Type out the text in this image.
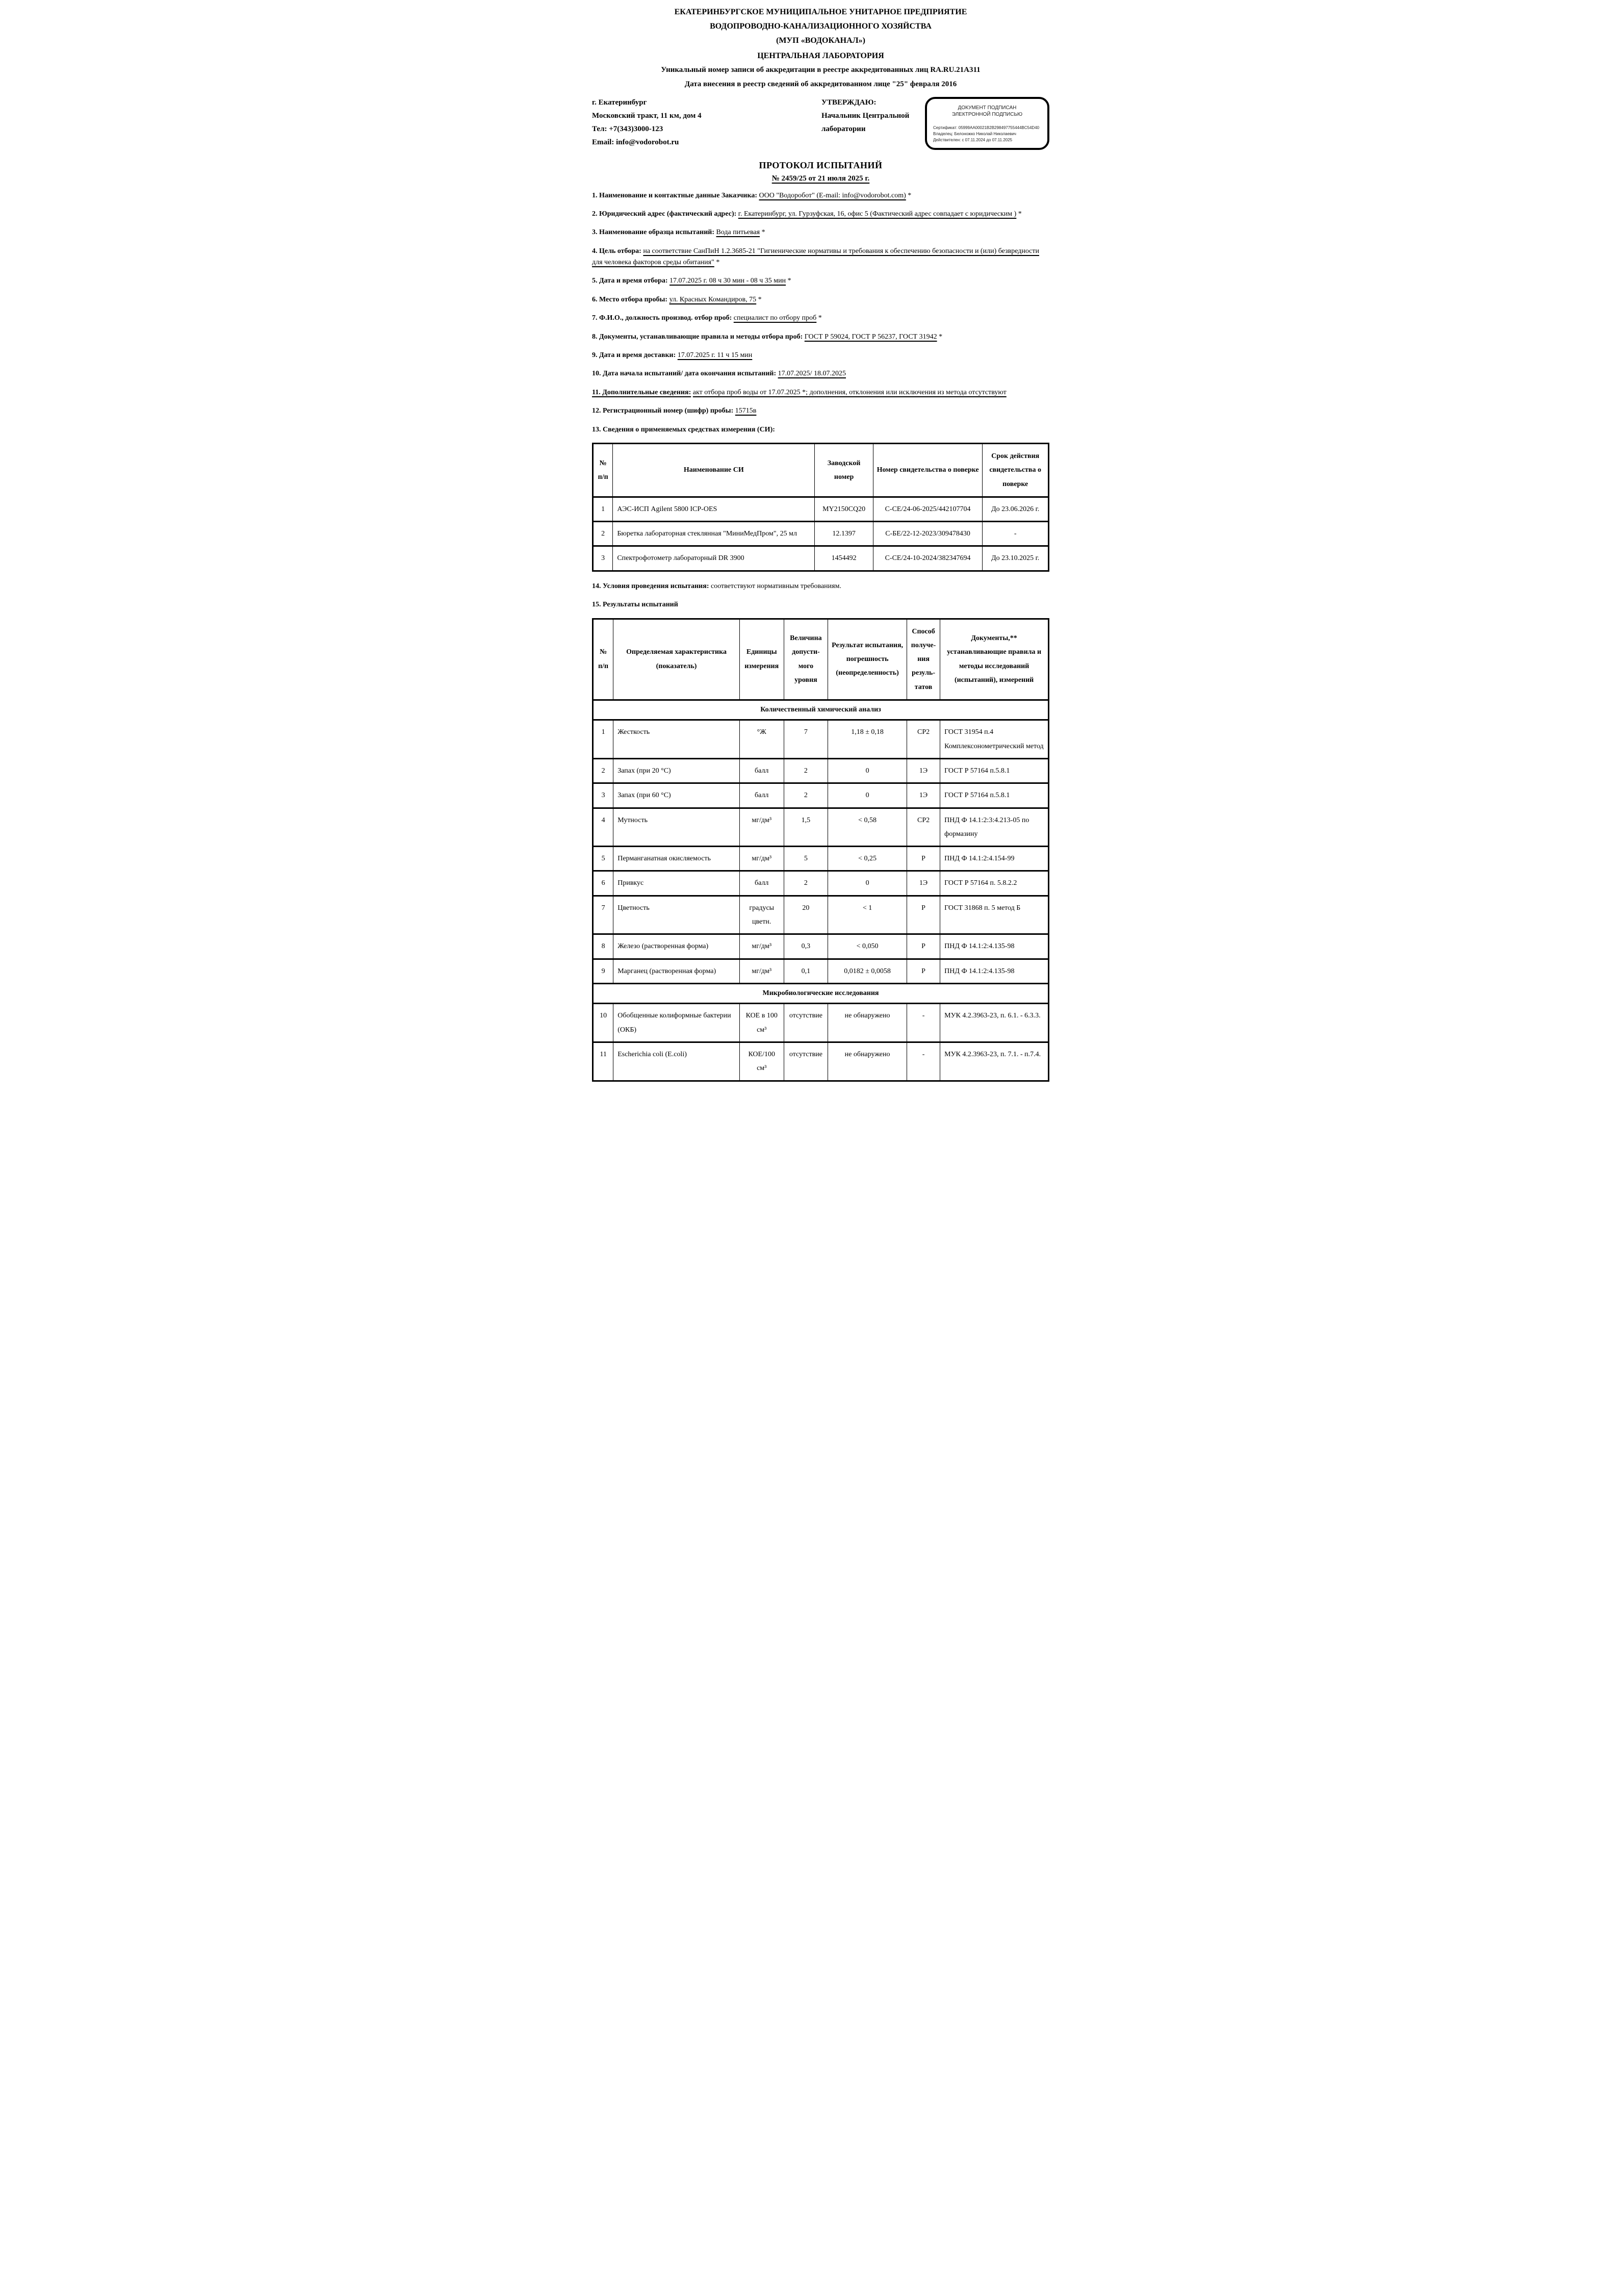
ЕКАТЕРИНБУРГСКОЕ МУНИЦИПАЛЬНОЕ УНИТАРНОЕ ПРЕДПРИЯТИЕ
ВОДОПРОВОДНО-КАНАЛИЗАЦИОННОГО ХОЗЯЙСТВА
(МУП «ВОДОКАНАЛ»)
ЦЕНТРАЛЬНАЯ ЛАБОРАТОРИЯ
Уникальный номер записи об аккредитации в реестре аккредитованных лиц RA.RU.21A311
Дата внесения в реестр сведений об аккредитованном лице "25" февраля 2016
г. Екатеринбург
Московский тракт, 11 км, дом 4
Тел: +7(343)3000-123
Email: info@vodorobot.ru
УТВЕРЖДАЮ:
Начальник Центральной
лаборатории
ДОКУМЕНТ ПОДПИСАН
ЭЛЕКТРОННОЙ ПОДПИСЬЮ
Сертификат: 05999AA00021B2B298497755444BC54D40
Владелец: Белоножко Николай Николаевич
Действителен: с 07.11.2024 до 07.11.2025
ПРОТОКОЛ ИСПЫТАНИЙ
№ 2459/25 от 21 июля 2025 г.
1. Наименование и контактные данные Заказчика: ООО "Водоробот" (E-mail: info@vodorobot.com) *
2. Юридический адрес (фактический адрес): г. Екатеринбург, ул. Гурзуфская, 16, офис 5 (Фактический адрес совпадает с юридическим ) *
3. Наименование образца испытаний: Вода питьевая *
4. Цель отбора: на соответствие СанПиН 1.2.3685-21 "Гигиенические нормативы и требования к обеспечению безопасности и (или) безвредности для человека факторов среды обитания" *
5. Дата и время отбора: 17.07.2025 г. 08 ч 30 мин - 08 ч 35 мин *
6. Место отбора пробы: ул. Красных Командиров, 75 *
7. Ф.И.О., должность производ. отбор проб: специалист по отбору проб *
8. Документы, устанавливающие правила и методы отбора проб: ГОСТ Р 59024, ГОСТ Р 56237, ГОСТ 31942 *
9. Дата и время доставки: 17.07.2025 г. 11 ч 15 мин
10. Дата начала испытаний/ дата окончания испытаний: 17.07.2025/ 18.07.2025
11. Дополнительные сведения: акт отбора проб воды от 17.07.2025 *; дополнения, отклонения или исключения из метода отсутствуют
12. Регистрационный номер (шифр) пробы: 15715в
13. Сведения о применяемых средствах измерения (СИ):
№ п/п	Наименование СИ	Заводской номер	Номер свидетельства о поверке	Срок действия свидетельства о поверке
1	АЭС-ИСП Agilent 5800 ICP-OES	MY2150CQ20	С-СЕ/24-06-2025/442107704	До 23.06.2026 г.
2	Бюретка лабораторная стеклянная "МиниМедПром", 25 мл	12.1397	С-БЕ/22-12-2023/309478430	-
3	Спектрофотометр лабораторный DR 3900	1454492	С-СЕ/24-10-2024/382347694	До 23.10.2025 г.
14. Условия проведения испытания: соответствуют нормативным требованиям.
15. Результаты испытаний
№ п/п	Определяемая характеристика (показатель)	Единицы измерения	Величина допусти-мого уровня	Результат испытания, погрешность (неопределенность)	Способ получе-ния резуль-татов	Документы,** устанавливающие правила и методы исследований (испытаний), измерений
Количественный химический анализ						
1	Жесткость	°Ж	7	1,18 ± 0,18	СР2	ГОСТ 31954 п.4 Комплексонометрический метод
2	Запах (при 20 °С)	балл	2	0	1Э	ГОСТ Р 57164 п.5.8.1
3	Запах (при 60 °С)	балл	2	0	1Э	ГОСТ Р 57164 п.5.8.1
4	Мутность	мг/дм³	1,5	< 0,58	СР2	ПНД Ф 14.1:2:3:4.213-05 по формазину
5	Перманганатная окисляемость	мг/дм³	5	< 0,25	Р	ПНД Ф 14.1:2:4.154-99
6	Привкус	балл	2	0	1Э	ГОСТ Р 57164 п. 5.8.2.2
7	Цветность	градусы цветн.	20	< 1	Р	ГОСТ 31868 п. 5 метод Б
8	Железо (растворенная форма)	мг/дм³	0,3	< 0,050	Р	ПНД Ф 14.1:2:4.135-98
9	Марганец (растворенная форма)	мг/дм³	0,1	0,0182 ± 0,0058	Р	ПНД Ф 14.1:2:4.135-98
Микробиологические исследования						
10	Обобщенные колиформные бактерии (ОКБ)	КОЕ в 100 см³	отсутствие	не обнаружено	-	МУК 4.2.3963-23, п. 6.1. - 6.3.3.
11	Escherichia coli (E.coli)	КОЕ/100 см³	отсутствие	не обнаружено	-	МУК 4.2.3963-23, п. 7.1. - п.7.4.
